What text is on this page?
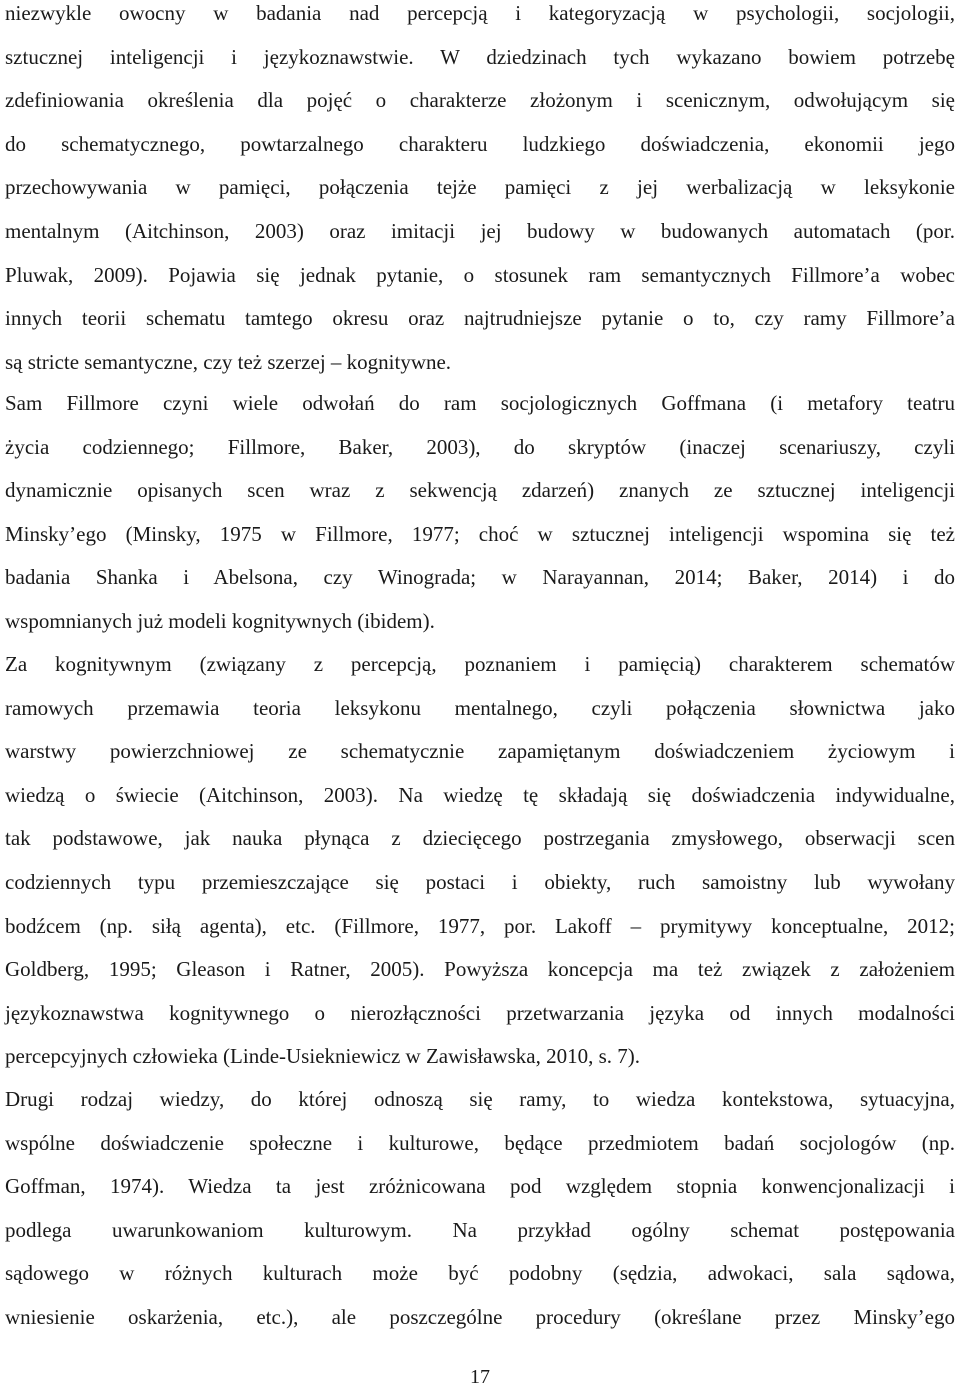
niezwykle owocny w badania nad percepcją i kategoryzacją w psychologii, socjologii,
sztucznej inteligencji i językoznawstwie. W dziedzinach tych wykazano bowiem potrzebę
zdefiniowania określenia dla pojęć o charakterze złożonym i scenicznym, odwołującym się
do schematycznego, powtarzalnego charakteru ludzkiego doświadczenia, ekonomii jego
przechowywania w pamięci, połączenia tejże pamięci z jej werbalizacją w leksykonie
mentalnym (Aitchinson, 2003) oraz imitacji jej budowy w budowanych automatach (por.
Pluwak, 2009). Pojawia się jednak pytanie, o stosunek ram semantycznych Fillmore’a wobec
innych teorii schematu tamtego okresu oraz najtrudniejsze pytanie o to, czy ramy Fillmore’a
są stricte semantyczne, czy też szerzej – kognitywne.
Sam Fillmore czyni wiele odwołań do ram socjologicznych Goffmana (i metafory teatru
życia codziennego; Fillmore, Baker, 2003), do skryptów (inaczej scenariuszy, czyli
dynamicznie opisanych scen wraz z sekwencją zdarzeń) znanych ze sztucznej inteligencji
Minsky’ego (Minsky, 1975 w Fillmore, 1977; choć w sztucznej inteligencji wspomina się też
badania Shanka i Abelsona, czy Winograda; w Narayannan, 2014; Baker, 2014) i do
wspomnianych już modeli kognitywnych (ibidem).
Za kognitywnym (związany z percepcją, poznaniem i pamięcią) charakterem schematów
ramowych przemawia teoria leksykonu mentalnego, czyli połączenia słownictwa jako
warstwy powierzchniowej ze schematycznie zapamiętanym doświadczeniem życiowym i
wiedzą o świecie (Aitchinson, 2003). Na wiedzę tę składają się doświadczenia indywidualne,
tak podstawowe, jak nauka płynąca z dziecięcego postrzegania zmysłowego, obserwacji scen
codziennych typu przemieszczające się postaci i obiekty, ruch samoistny lub wywołany
bodźcem (np. siłą agenta), etc. (Fillmore, 1977, por. Lakoff – prymitywy konceptualne, 2012;
Goldberg, 1995; Gleason i Ratner, 2005). Powyższa koncepcja ma też związek z założeniem
językoznawstwa kognitywnego o nierozłączności przetwarzania języka od innych modalności
percepcyjnych człowieka (Linde-Usiekniewicz w Zawisławska, 2010, s. 7).
Drugi rodzaj wiedzy, do której odnoszą się ramy, to wiedza kontekstowa, sytuacyjna,
wspólne doświadczenie społeczne i kulturowe, będące przedmiotem badań socjologów (np.
Goffman, 1974). Wiedza ta jest zróżnicowana pod względem stopnia konwencjonalizacji i
podlega uwarunkowaniom kulturowym. Na przykład ogólny schemat postępowania
sądowego w różnych kulturach może być podobny (sędzia, adwokaci, sala sądowa,
wniesienie oskarżenia, etc.), ale poszczególne procedury (określane przez Minsky’ego
17
